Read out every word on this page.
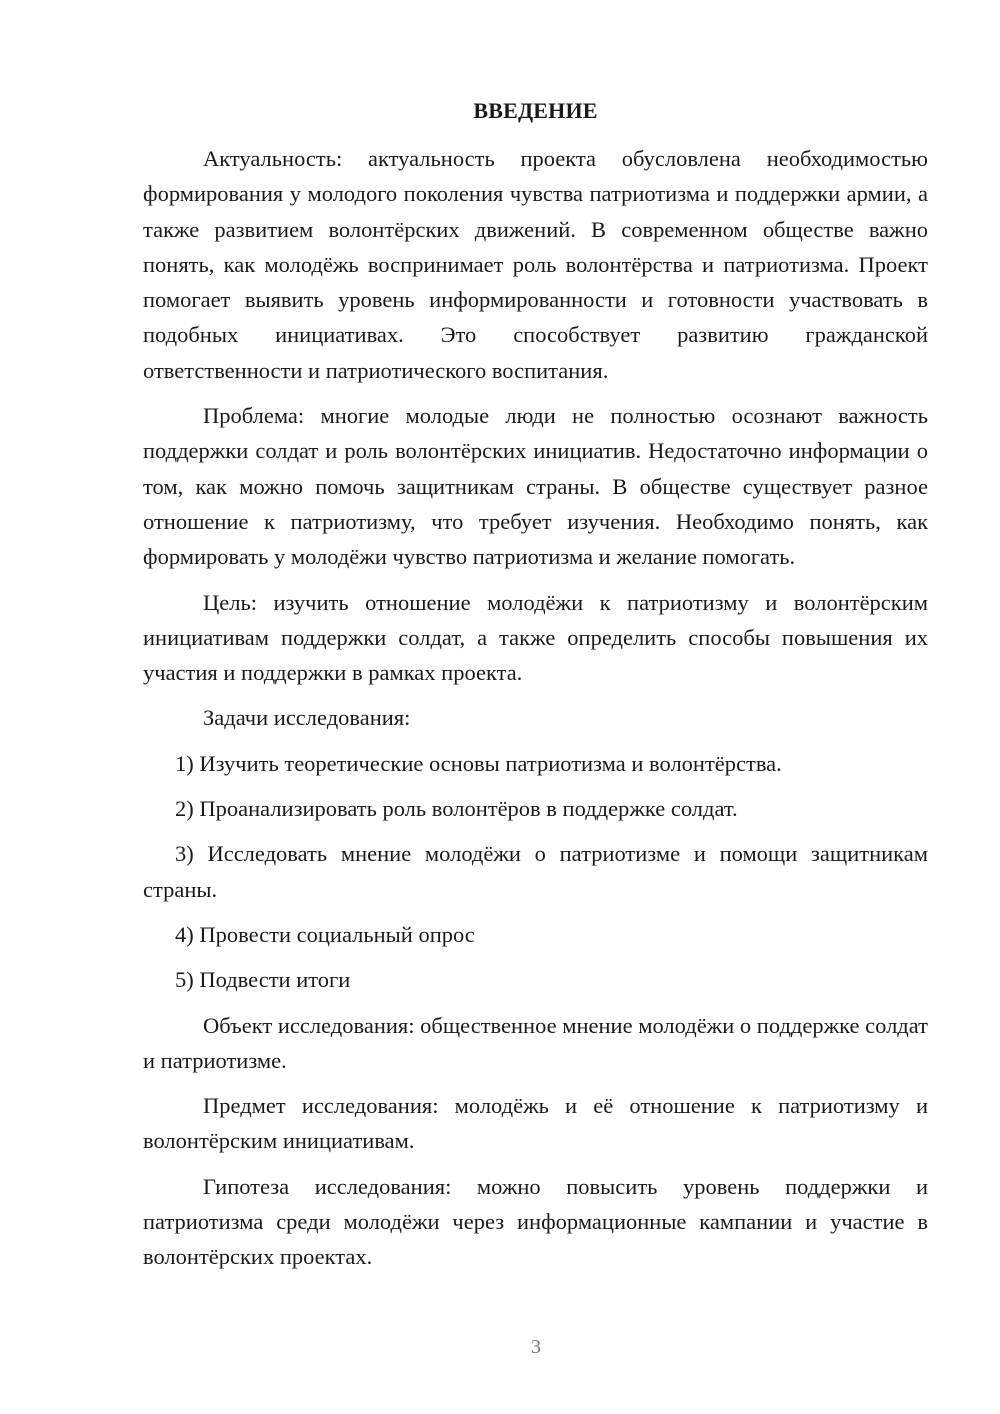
ВВЕДЕНИЕ

Актуальность: актуальность проекта обусловлена необходимостью формирования у молодого поколения чувства патриотизма и поддержки армии, а также развитием волонтёрских движений. В современном обществе важно понять, как молодёжь воспринимает роль волонтёрства и патриотизма. Проект помогает выявить уровень информированности и готовности участвовать в подобных инициативах. Это способствует развитию гражданской ответственности и патриотического воспитания.

Проблема: многие молодые люди не полностью осознают важность поддержки солдат и роль волонтёрских инициатив. Недостаточно информации о том, как можно помочь защитникам страны. В обществе существует разное отношение к патриотизму, что требует изучения. Необходимо понять, как формировать у молодёжи чувство патриотизма и желание помогать.

Цель: изучить отношение молодёжи к патриотизму и волонтёрским инициативам поддержки солдат, а также определить способы повышения их участия и поддержки в рамках проекта.

Задачи исследования:

1) Изучить теоретические основы патриотизма и волонтёрства.

2) Проанализировать роль волонтёров в поддержке солдат.

3) Исследовать мнение молодёжи о патриотизме и помощи защитникам страны.

4) Провести социальный опрос

5) Подвести итоги

Объект исследования: общественное мнение молодёжи о поддержке солдат и патриотизме.

Предмет исследования: молодёжь и её отношение к патриотизму и волонтёрским инициативам.

Гипотеза исследования: можно повысить уровень поддержки и патриотизма среди молодёжи через информационные кампании и участие в волонтёрских проектах.

3
